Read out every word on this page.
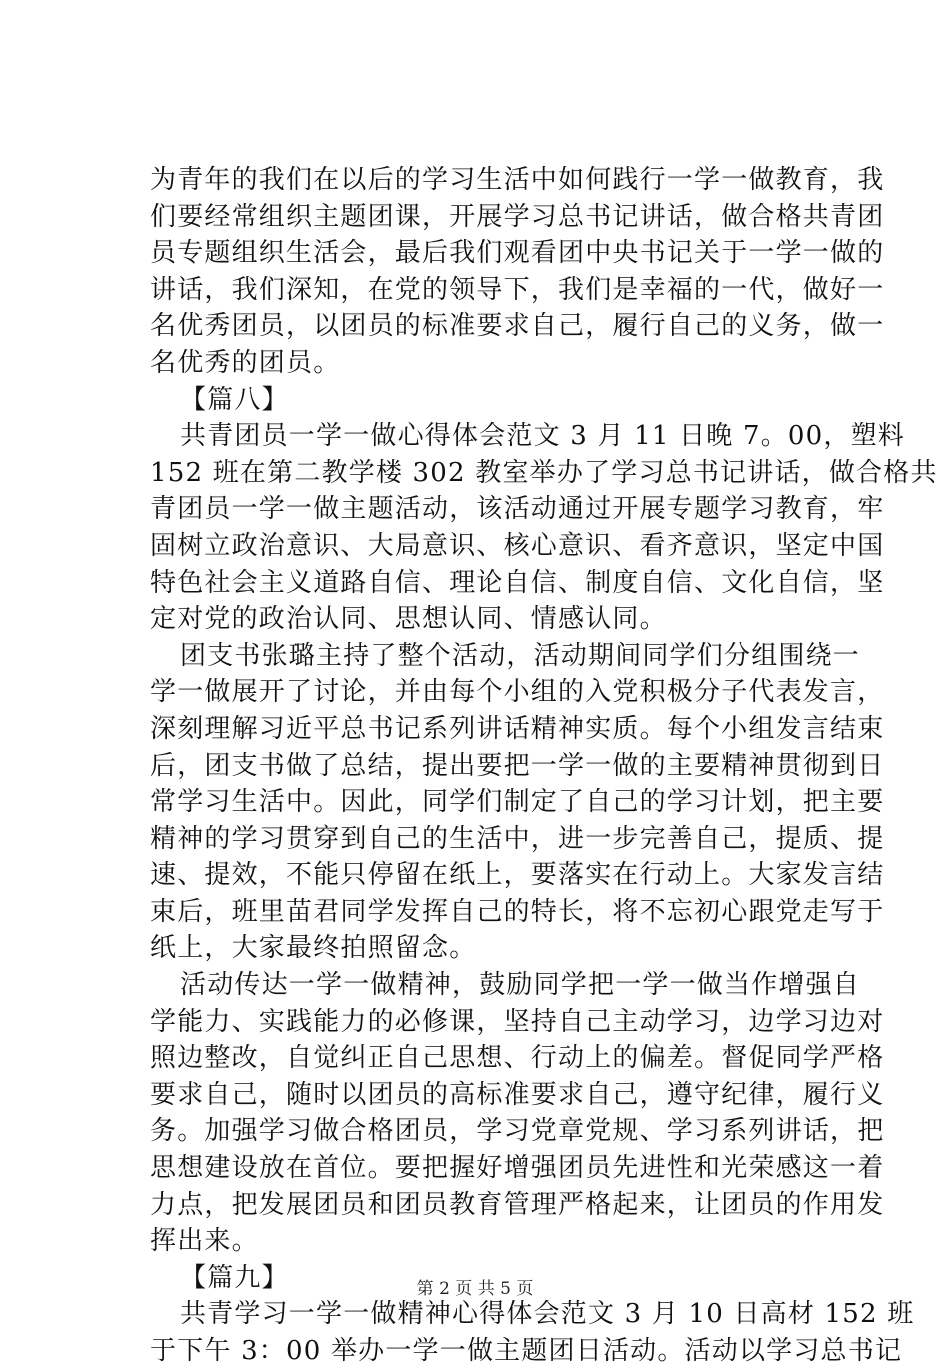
为青年的我们在以后的学习生活中如何践行一学一做教育，我
们要经常组织主题团课，开展学习总书记讲话，做合格共青团
员专题组织生活会，最后我们观看团中央书记关于一学一做的
讲话，我们深知，在党的领导下，我们是幸福的一代，做好一
名优秀团员，以团员的标准要求自己，履行自己的义务，做一
名优秀的团员。
【篇八】
共青团员一学一做心得体会范文 3 月 11 日晚 7。00，塑料
152 班在第二教学楼 302 教室举办了学习总书记讲话，做合格共
青团员一学一做主题活动，该活动通过开展专题学习教育，牢
固树立政治意识、大局意识、核心意识、看齐意识，坚定中国
特色社会主义道路自信、理论自信、制度自信、文化自信，坚
定对党的政治认同、思想认同、情感认同。
团支书张璐主持了整个活动，活动期间同学们分组围绕一
学一做展开了讨论，并由每个小组的入党积极分子代表发言，
深刻理解习近平总书记系列讲话精神实质。每个小组发言结束
后，团支书做了总结，提出要把一学一做的主要精神贯彻到日
常学习生活中。因此，同学们制定了自己的学习计划，把主要
精神的学习贯穿到自己的生活中，进一步完善自己，提质、提
速、提效，不能只停留在纸上，要落实在行动上。大家发言结
束后，班里苗君同学发挥自己的特长，将不忘初心跟党走写于
纸上，大家最终拍照留念。
活动传达一学一做精神，鼓励同学把一学一做当作增强自
学能力、实践能力的必修课，坚持自己主动学习，边学习边对
照边整改，自觉纠正自己思想、行动上的偏差。督促同学严格
要求自己，随时以团员的高标准要求自己，遵守纪律，履行义
务。加强学习做合格团员，学习党章党规、学习系列讲话，把
思想建设放在首位。要把握好增强团员先进性和光荣感这一着
力点，把发展团员和团员教育管理严格起来，让团员的作用发
挥出来。
【篇九】
共青学习一学一做精神心得体会范文 3 月 10 日高材 152 班
于下午 3：00 举办一学一做主题团日活动。活动以学习总书记
第 2 页 共 5 页
